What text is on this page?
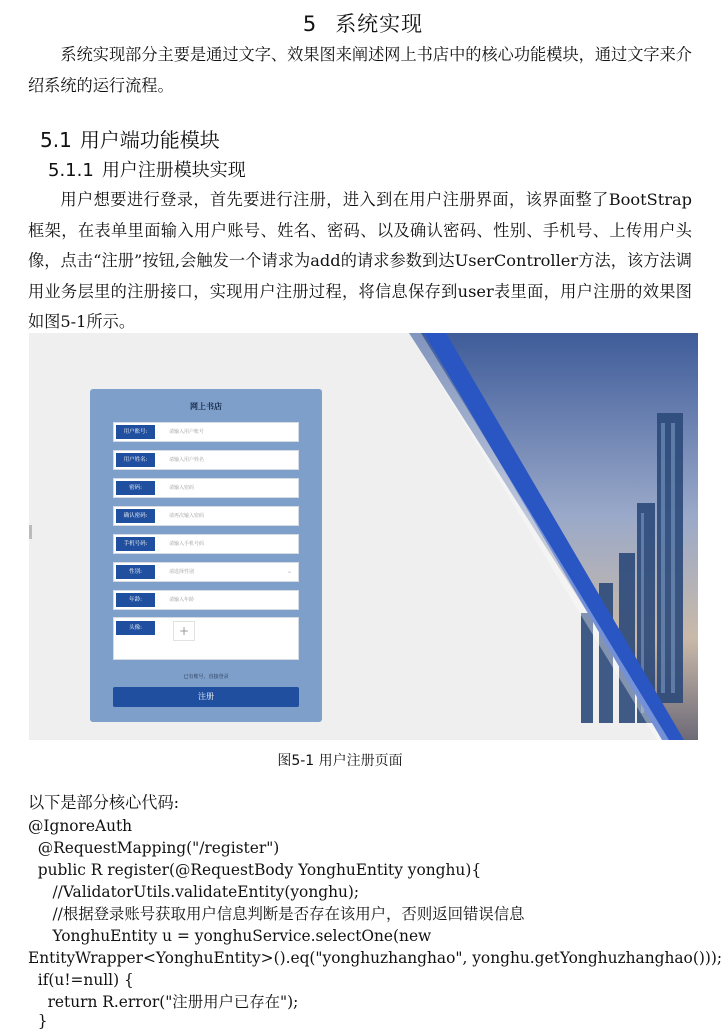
5 系统实现
系统实现部分主要是通过文字、效果图来阐述网上书店中的核心功能模块，通过文字来介绍系统的运行流程。
5.1 用户端功能模块
5.1.1 用户注册模块实现
用户想要进行登录，首先要进行注册，进入到在用户注册界面，该界面整了BootStrap框架，在表单里面输入用户账号、姓名、密码、以及确认密码、性别、手机号、上传用户头像，点击“注册”按钮,会触发一个请求为add的请求参数到达UserController方法，该方法调用业务层里的注册接口，实现用户注册过程，将信息保存到user表里面，用户注册的效果图如图5-1所示。
网上书店
用户账号:	请输入用户账号
用户姓名:	请输入用户姓名
密码:	请输入密码
确认密码:	请再次输入密码
手机号码:	请输入手机号码
性别:	请选择性别	⌄
年龄:	请输入年龄
头像:	+
已有账号，直接登录
注册
图5-1 用户注册页面
以下是部分核心代码:
@IgnoreAuth
@RequestMapping("/register")
public R register(@RequestBody YonghuEntity yonghu){
//ValidatorUtils.validateEntity(yonghu);
//根据登录账号获取用户信息判断是否存在该用户，否则返回错误信息
YonghuEntity u = yonghuService.selectOne(new
EntityWrapper<YonghuEntity>().eq("yonghuzhanghao", yonghu.getYonghuzhanghao()));
if(u!=null) {
return R.error("注册用户已存在");
}
